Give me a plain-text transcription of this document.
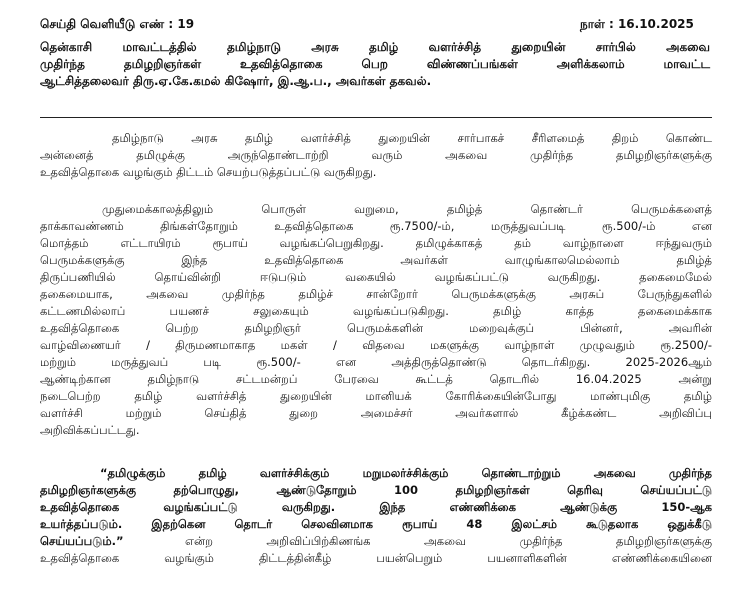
செய்தி வெளியீடு எண் : 19	நாள் : 16.10.2025
தென்காசி மாவட்டத்தில் தமிழ்நாடு அரசு தமிழ் வளர்ச்சித் துறையின் சார்பில் அகவை
முதிர்ந்த தமிழறிஞர்கள் உதவித்தொகை பெற விண்ணப்பங்கள் அளிக்கலாம் மாவட்ட
ஆட்சித்தலைவர் திரு.ஏ.கே.கமல் கிஷோர், இ.ஆ.ப., அவர்கள் தகவல்.
தமிழ்நாடு அரசு தமிழ் வளர்ச்சித் துறையின் சார்பாகச் சீரிளமைத் திறம் கொண்ட
அன்னைத் தமிழுக்கு அருந்தொண்டாற்றி வரும் அகவை முதிர்ந்த தமிழறிஞர்களுக்கு
உதவித்தொகை வழங்கும் திட்டம் செயற்படுத்தப்பட்டு வருகிறது.
முதுமைக்காலத்திலும் பொருள் வறுமை, தமிழ்த் தொண்டர் பெருமக்களைத்
தாக்காவண்ணம் திங்கள்தோறும் உதவித்தொகை ரூ.7500/-ம், மருத்துவப்படி ரூ.500/-ம் என
மொத்தம் எட்டாயிரம் ரூபாய் வழங்கப்பெறுகிறது. தமிழுக்காகத் தம் வாழ்நாளை ஈந்துவரும்
பெருமக்களுக்கு இந்த உதவித்தொகை அவர்கள் வாழுங்காலமெல்லாம் தமிழ்த்
திருப்பணியில் தொய்வின்றி ஈடுபடும் வகையில் வழங்கப்பட்டு வருகிறது. தகைமைமேல்
தகைமையாக, அகவை முதிர்ந்த தமிழ்ச் சான்றோர் பெருமக்களுக்கு அரசுப் பேருந்துகளில்
கட்டணமில்லாப் பயணச் சலுகையும் வழங்கப்படுகிறது. தமிழ் காத்த தகைமைக்காக
உதவித்தொகை பெற்ற தமிழறிஞர் பெருமக்களின் மறைவுக்குப் பின்னர், அவரின்
வாழ்விணையர் / திருமணமாகாத மகள் / விதவை மகளுக்கு வாழ்நாள் முழுவதும் ரூ.2500/-
மற்றும் மருத்துவப் படி ரூ.500/- என அத்திருத்தொண்டு தொடர்கிறது. 2025-2026ஆம்
ஆண்டிற்கான தமிழ்நாடு சட்டமன்றப் பேரவை கூட்டத் தொடரில் 16.04.2025 அன்று
நடைபெற்ற தமிழ் வளர்ச்சித் துறையின் மானியக் கோரிக்கையின்போது மாண்புமிகு தமிழ்
வளர்ச்சி மற்றும் செய்தித் துறை அமைச்சர் அவர்களால் கீழ்க்கண்ட அறிவிப்பு
அறிவிக்கப்பட்டது.
“தமிழுக்கும் தமிழ் வளர்ச்சிக்கும் மறுமலர்ச்சிக்கும் தொண்டாற்றும் அகவை முதிர்ந்த
தமிழறிஞர்களுக்கு தற்பொழுது, ஆண்டுதோறும் 100 தமிழறிஞர்கள் தெரிவு செய்யப்பட்டு
உதவித்தொகை வழங்கப்பட்டு வருகிறது. இந்த எண்ணிக்கை ஆண்டுக்கு 150-ஆக
உயர்த்தப்படும். இதற்கென தொடர் செலவினமாக ரூபாய் 48 இலட்சம் கூடுதலாக ஒதுக்கீடு
செய்யப்படும்.”	என்ற அறிவிப்பிற்கிணங்க அகவை முதிர்ந்த தமிழறிஞர்களுக்கு
உதவித்தொகை வழங்கும் திட்டத்தின்கீழ் பயன்பெறும் பயனாளிகளின் எண்ணிக்கையினை
